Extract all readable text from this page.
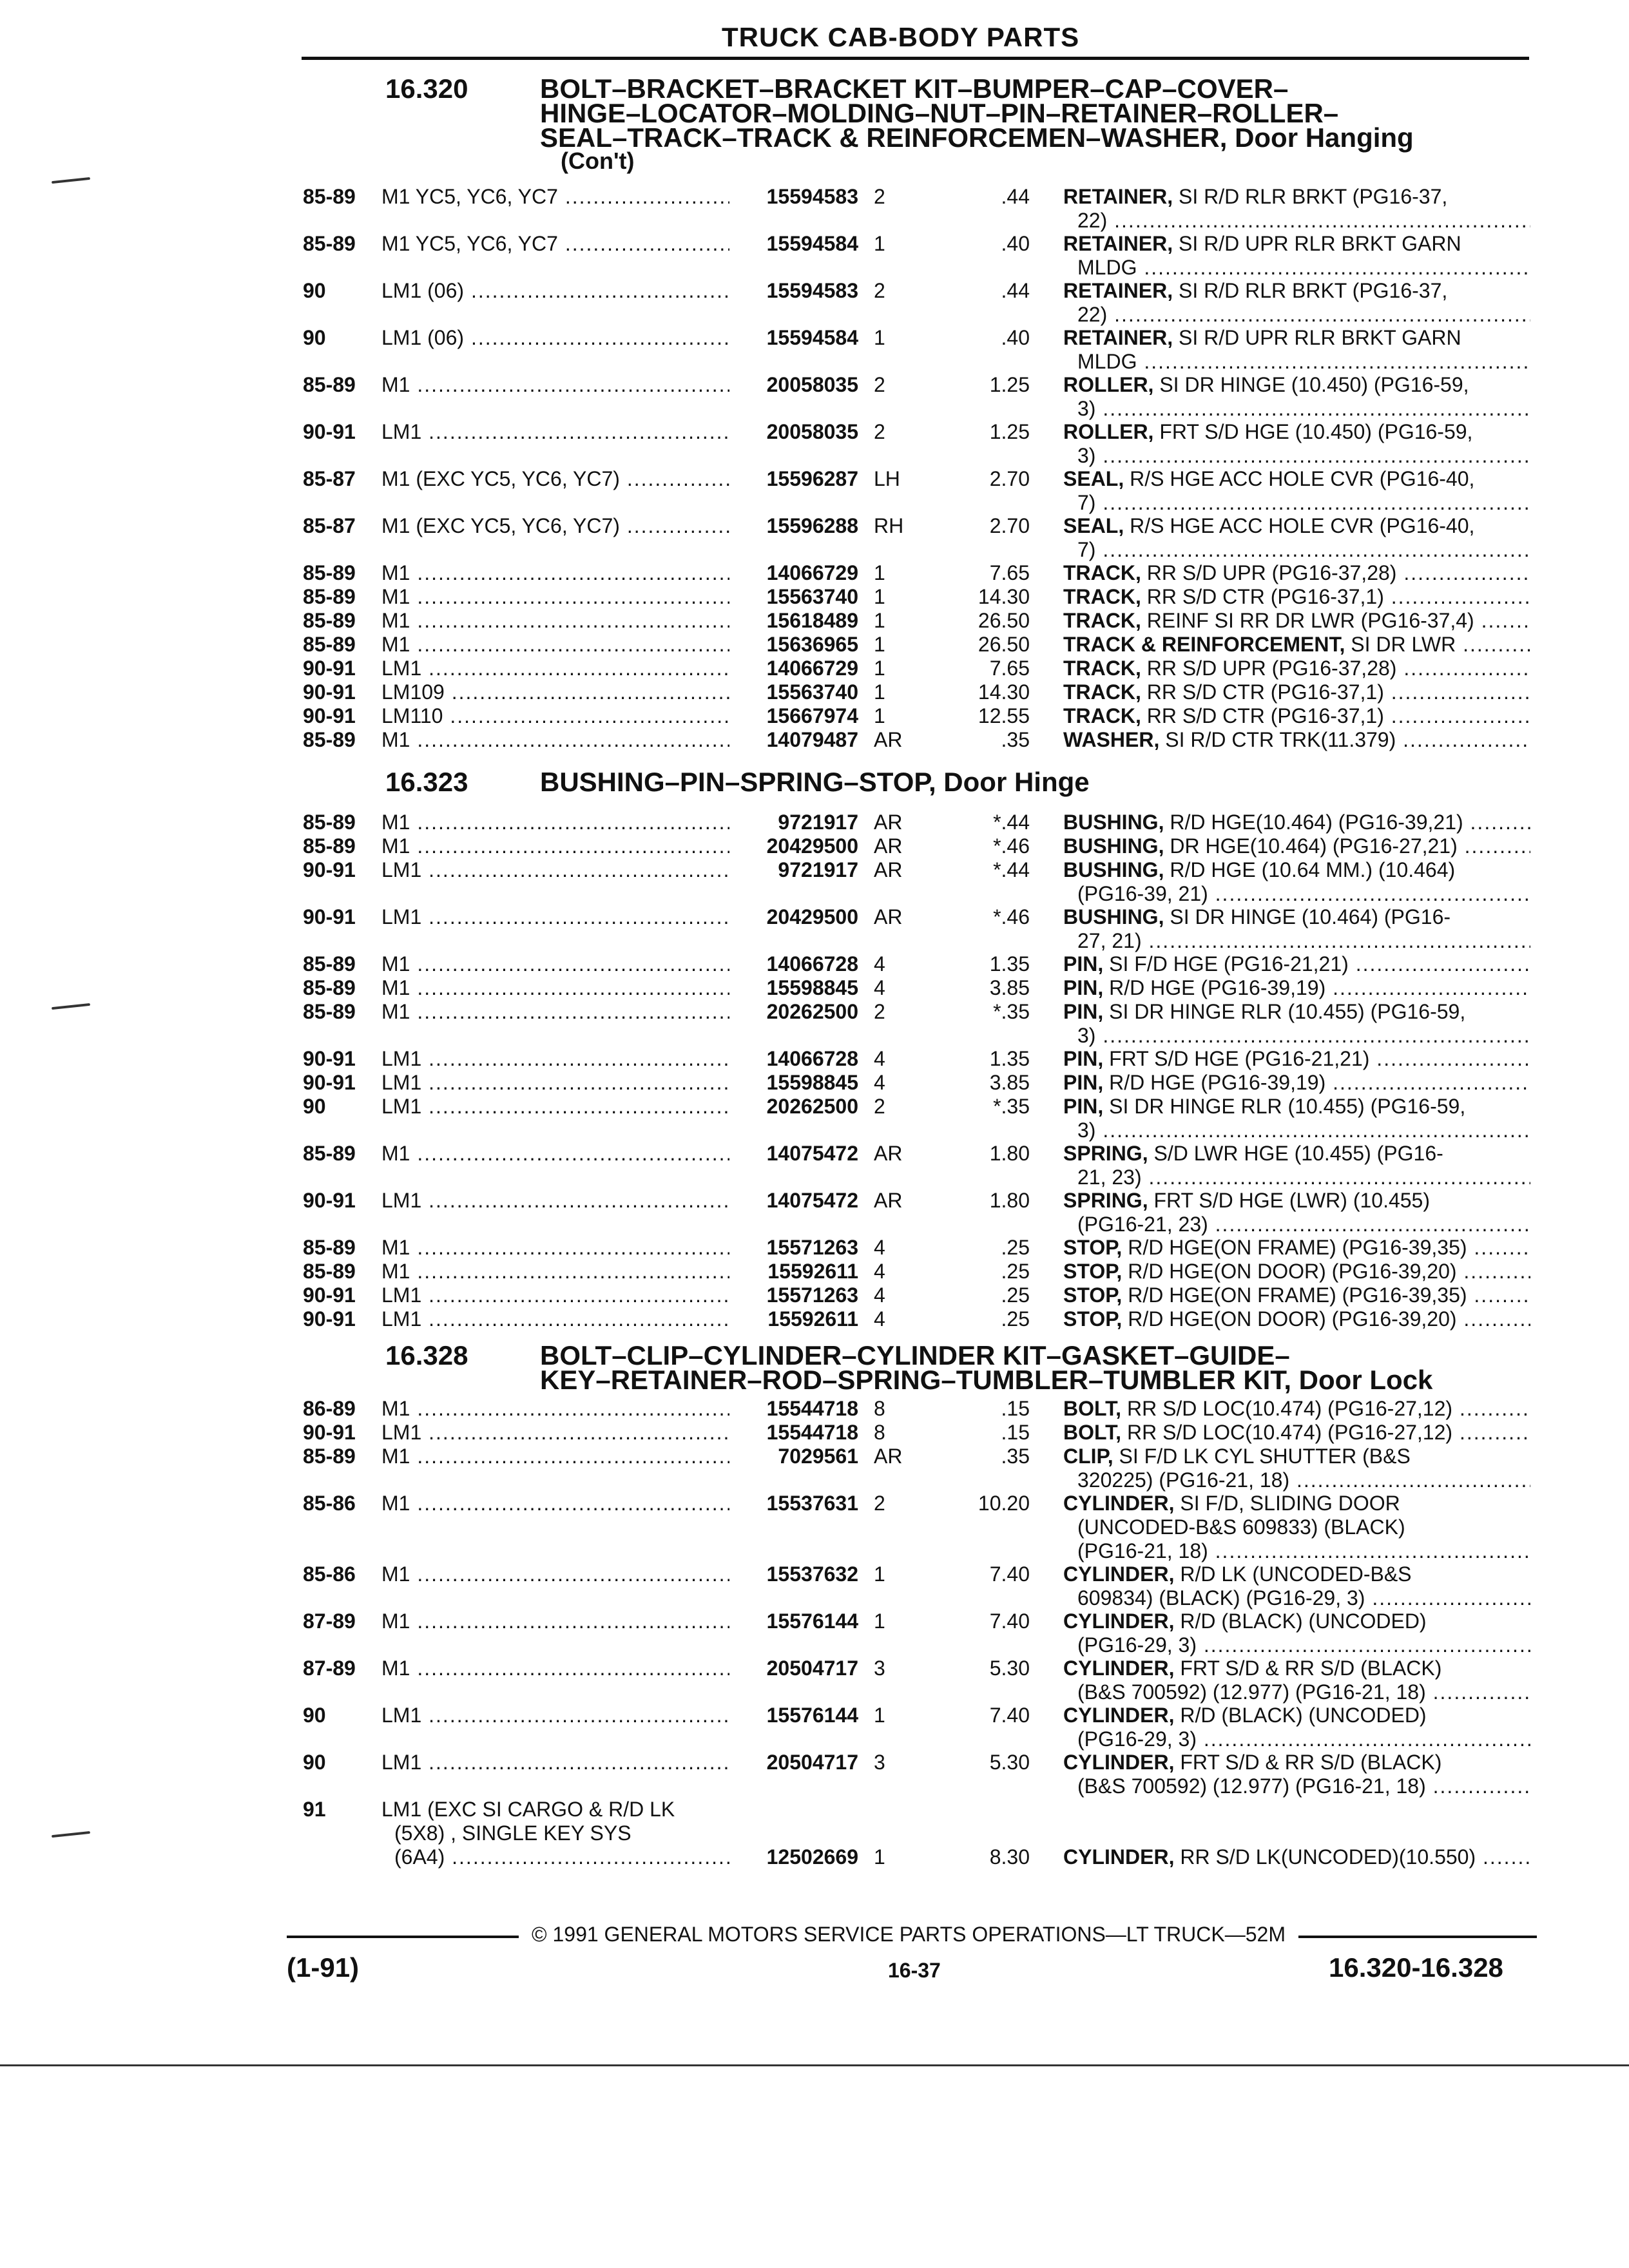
TRUCK CAB-BODY PARTS
16.320	BOLT–BRACKET–BRACKET KIT–BUMPER–CAP–COVER–
HINGE–LOCATOR–MOLDING–NUT–PIN–RETAINER–ROLLER–
SEAL–TRACK–TRACK & REINFORCEMEN–WASHER, Door Hanging
(Con't)
16.323	BUSHING–PIN–SPRING–STOP, Door Hinge
16.328	BOLT–CLIP–CYLINDER–CYLINDER KIT–GASKET–GUIDE–
KEY–RETAINER–ROD–SPRING–TUMBLER–TUMBLER KIT, Door Lock
85-89 M1 YC5, YC6, YC7 .....	15594583 2	.44 RETAINER, SI R/D RLR BRKT (PG16-37,
22) .....
85-89 M1 YC5, YC6, YC7 .....	15594584 1	.40 RETAINER, SI R/D UPR RLR BRKT GARN
MLDG .....
90	LM1 (06) .....	15594583 2	.44 RETAINER, SI R/D RLR BRKT (PG16-37,
22) .....
90	LM1 (06) .....	15594584 1	.40 RETAINER, SI R/D UPR RLR BRKT GARN
MLDG .....
85-89 M1 .....	20058035 2	1.25 ROLLER, SI DR HINGE (10.450) (PG16-59,
3) .....
90-91 LM1 .....	20058035 2	1.25 ROLLER, FRT S/D HGE (10.450) (PG16-59,
3) .....
85-87 M1 (EXC YC5, YC6, YC7) .....	15596287 LH	2.70 SEAL, R/S HGE ACC HOLE CVR (PG16-40,
7) .....
85-87 M1 (EXC YC5, YC6, YC7) .....	15596288 RH	2.70 SEAL, R/S HGE ACC HOLE CVR (PG16-40,
7) .....
85-89 M1 .....	14066729 1	7.65 TRACK, RR S/D UPR (PG16-37,28) .....
85-89 M1 .....	15563740 1	14.30 TRACK, RR S/D CTR (PG16-37,1) .....
85-89 M1 .....	15618489 1	26.50 TRACK, REINF SI RR DR LWR (PG16-37,4) .....
85-89 M1 .....	15636965 1	26.50 TRACK & REINFORCEMENT, SI DR LWR .....
90-91 LM1 .....	14066729 1	7.65 TRACK, RR S/D UPR (PG16-37,28) .....
90-91 LM109 .....	15563740 1	14.30 TRACK, RR S/D CTR (PG16-37,1) .....
90-91 LM110 .....	15667974 1	12.55 TRACK, RR S/D CTR (PG16-37,1) .....
85-89 M1 .....	14079487 AR	.35 WASHER, SI R/D CTR TRK(11.379) .....
85-89 M1 .....	9721917 AR	*.44 BUSHING, R/D HGE(10.464) (PG16-39,21) .....
85-89 M1 .....	20429500 AR	*.46 BUSHING, DR HGE(10.464) (PG16-27,21) .....
90-91 LM1 .....	9721917 AR	*.44 BUSHING, R/D HGE (10.64 MM.) (10.464)
(PG16-39, 21) .....
90-91 LM1 .....	20429500 AR	*.46 BUSHING, SI DR HINGE (10.464) (PG16-
27, 21) .....
85-89 M1 .....	14066728 4	1.35 PIN, SI F/D HGE (PG16-21,21) .....
85-89 M1 .....	15598845 4	3.85 PIN, R/D HGE (PG16-39,19) .....
85-89 M1 .....	20262500 2	*.35 PIN, SI DR HINGE RLR (10.455) (PG16-59,
3) .....
90-91 LM1 .....	14066728 4	1.35 PIN, FRT S/D HGE (PG16-21,21) .....
90-91 LM1 .....	15598845 4	3.85 PIN, R/D HGE (PG16-39,19) .....
90	LM1 .....	20262500 2	*.35 PIN, SI DR HINGE RLR (10.455) (PG16-59,
3) .....
85-89 M1 .....	14075472 AR	1.80 SPRING, S/D LWR HGE (10.455) (PG16-
21, 23) .....
90-91 LM1 .....	14075472 AR	1.80 SPRING, FRT S/D HGE (LWR) (10.455)
(PG16-21, 23) .....
85-89 M1 .....	15571263 4	.25 STOP, R/D HGE(ON FRAME) (PG16-39,35) .....
85-89 M1 .....	15592611 4	.25 STOP, R/D HGE(ON DOOR) (PG16-39,20) .....
90-91 LM1 .....	15571263 4	.25 STOP, R/D HGE(ON FRAME) (PG16-39,35) .....
90-91 LM1 .....	15592611 4	.25 STOP, R/D HGE(ON DOOR) (PG16-39,20) .....
86-89 M1 .....	15544718 8	.15 BOLT, RR S/D LOC(10.474) (PG16-27,12) .....
90-91 LM1 .....	15544718 8	.15 BOLT, RR S/D LOC(10.474) (PG16-27,12) .....
85-89 M1 .....	7029561 AR	.35 CLIP, SI F/D LK CYL SHUTTER (B&S
320225) (PG16-21, 18) .....
85-86 M1 .....	15537631 2	10.20 CYLINDER, SI F/D, SLIDING DOOR
(UNCODED-B&S 609833) (BLACK)
(PG16-21, 18) .....
85-86 M1 .....	15537632 1	7.40 CYLINDER, R/D LK (UNCODED-B&S
609834) (BLACK) (PG16-29, 3) .....
87-89 M1 .....	15576144 1	7.40 CYLINDER, R/D (BLACK) (UNCODED)
(PG16-29, 3) .....
87-89 M1 .....	20504717 3	5.30 CYLINDER, FRT S/D & RR S/D (BLACK)
(B&S 700592) (12.977) (PG16-21, 18) .....
90	LM1 .....	15576144 1	7.40 CYLINDER, R/D (BLACK) (UNCODED)
(PG16-29, 3) .....
90	LM1 .....	20504717 3	5.30 CYLINDER, FRT S/D & RR S/D (BLACK)
(B&S 700592) (12.977) (PG16-21, 18) .....
91	LM1 (EXC SI CARGO & R/D LK
(5X8) , SINGLE KEY SYS
(6A4) .....	12502669 1	8.30 CYLINDER, RR S/D LK(UNCODED)(10.550) .....
© 1991 GENERAL MOTORS SERVICE PARTS OPERATIONS—LT TRUCK—52M
(1-91)	16-37	16.320-16.328
